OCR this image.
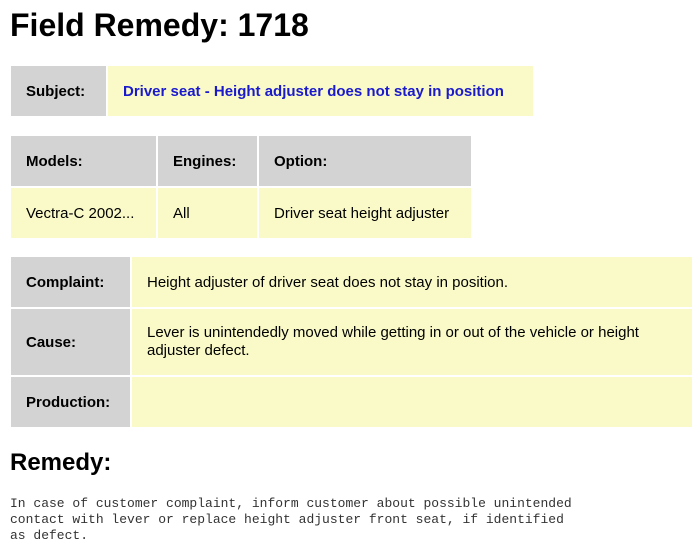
Field Remedy: 1718
Subject:	Driver seat - Height adjuster does not stay in position
Models:	Engines:	Option:
Vectra-C 2002...	All	Driver seat height adjuster
Complaint:	Height adjuster of driver seat does not stay in position.
Cause:	Lever is unintendedly moved while getting in or out of the vehicle or height adjuster defect.
Production:	
Remedy:

In case of customer complaint, inform customer about possible unintended
contact with lever or replace height adjuster front seat, if identified
as defect.
